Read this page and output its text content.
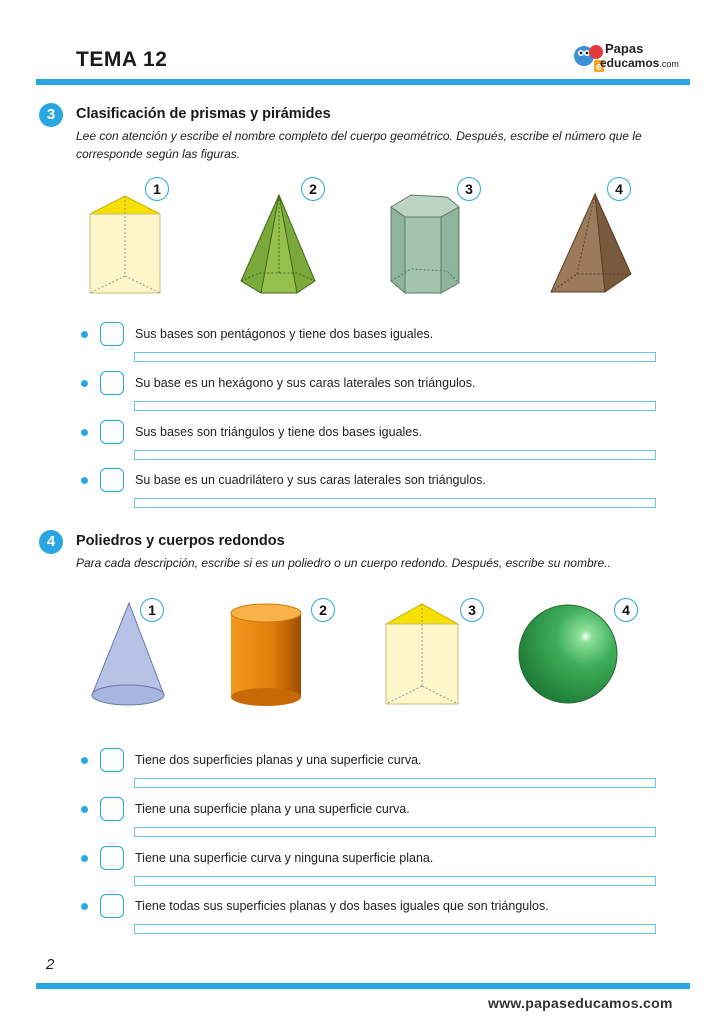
TEMA 12	e
Papas
educamos.com
3	Clasificación de prismas y pirámides
Lee con atención y escribe el nombre completo del cuerpo geométrico. Después, escribe el número que le corresponde según las figuras.
1	2	3	4
Sus bases son pentágonos y tiene dos bases iguales.
Su base es un hexágono y sus caras laterales son triángulos.
Sus bases son triángulos y tiene dos bases iguales.
Su base es un cuadrilátero y sus caras laterales son triángulos.
4	Poliedros y cuerpos redondos
Para cada descripción, escribe si es un poliedro o un cuerpo redondo. Después, escribe su nombre..
1	2	3	4
Tiene dos superficies planas y una superficie curva.
Tiene una superficie plana y una superficie curva.
Tiene una superficie curva y ninguna superficie plana.
Tiene todas sus superficies planas y dos bases iguales que son triángulos.
2
www.papaseducamos.com
